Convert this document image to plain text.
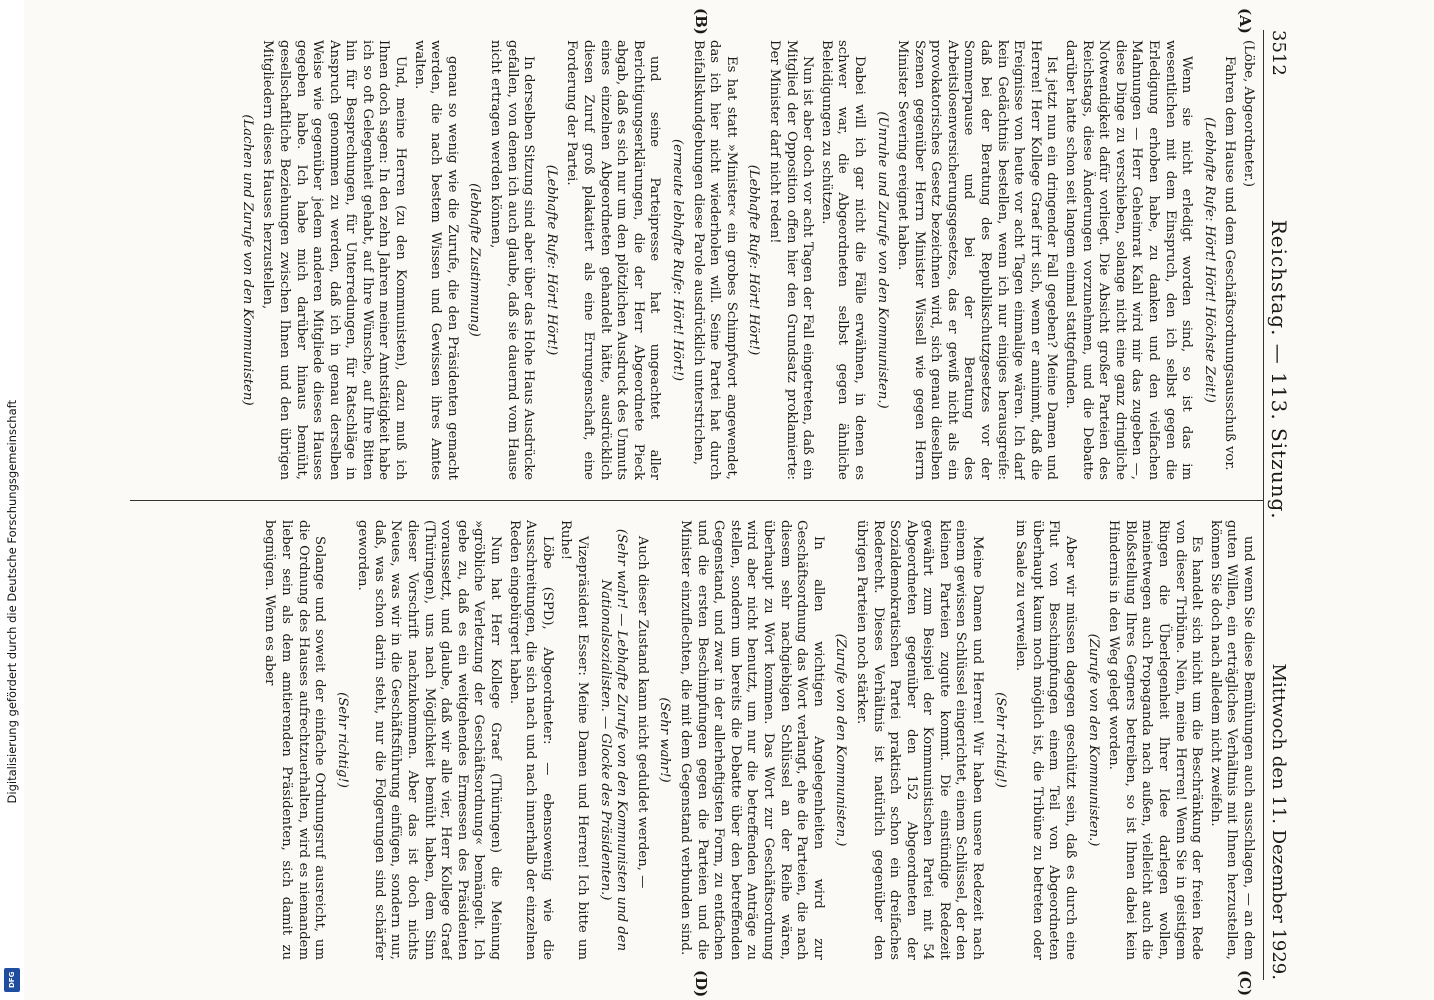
3512
Reichstag. — 113. Sitzung.
Mittwoch den 11. Dezember 1929.
(A)
(B)
(C)
(D)

(Löbe, Abgeordneter.)

Fahren dem Hause und dem Geschäftsordnungsausschuß vor.

(Lebhafte Rufe: Hört! Hört! Höchste Zeit!)

Wenn sie nicht erledigt worden sind, so ist das im wesentlichen mit dem Einspruch, den ich selbst gegen die Erledigung erhoben habe, zu danken und den vielfachen Mahnungen — Herr Geheimrat Kahl wird mir das zugeben —, diese Dinge zu verschieben, solange nicht eine ganz dringliche Notwendigkeit dafür vorliegt. Die Absicht großer Parteien des Reichstags, diese Änderungen vorzunehmen, und die Debatte darüber hatte schon seit langem einmal stattgefunden.

Ist jetzt nun ein dringender Fall gegeben? Meine Damen und Herren! Herr Kollege Graef irrt sich, wenn er annimmt, daß die Ereignisse von heute vor acht Tagen einmalige wären. Ich darf kein Gedächtnis bestellen, wenn ich nur einiges herausgreife: daß bei der Beratung des Republikschutzgesetzes vor der Sommerpause und bei der Beratung des Arbeitslosenversicherungsgesetzes, das er gewiß nicht als ein provokatorisches Gesetz bezeichnen wird, sich genau dieselben Szenen gegenüber Herrn Minister Wissell wie gegen Herrn Minister Severing ereignet haben.

(Unruhe und Zurufe von den Kommunisten.)

Dabei will ich gar nicht die Fälle erwähnen, in denen es schwer war, die Abgeordneten selbst gegen ähnliche Beleidigungen zu schützen.

Nun ist aber doch vor acht Tagen der Fall eingetreten, daß ein Mitglied der Opposition offen hier den Grundsatz proklamierte: Der Minister darf nicht reden!

(Lebhafte Rufe: Hört! Hört!)

Es hat statt »Minister« ein grobes Schimpfwort angewendet, das ich hier nicht wiederholen will. Seine Partei hat durch Beifallskundgebungen diese Parole ausdrücklich unterstrichen,

(erneute lebhafte Rufe: Hört! Hört!)

und seine Parteipresse hat ungeachtet aller Berichtigungserklärungen, die der Herr Abgeordnete Pieck abgab, daß es sich nur um den plötzlichen Ausdruck des Unmuts eines einzelnen Abgeordneten gehandelt hätte, ausdrücklich diesen Zuruf groß plakatiert als eine Errungenschaft, eine Forderung der Partei.

(Lebhafte Rufe: Hört! Hört!)

In derselben Sitzung sind aber über das Hohe Haus Ausdrücke gefallen, von denen ich auch glaube, daß sie dauernd vom Hause nicht ertragen werden können,

(lebhafte Zustimmung)

genau so wenig wie die Zurufe, die den Präsidenten gemacht werden, die nach bestem Wissen und Gewissen ihres Amtes walten.

Und, meine Herren (zu den Kommunisten), dazu muß ich Ihnen doch sagen: In den zehn Jahren meiner Amtstätigkeit habe ich so oft Gelegenheit gehabt, auf Ihre Wünsche, auf Ihre Bitten hin für Besprechungen, für Unterredungen, für Ratschläge in Anspruch genommen zu werden, daß ich in genau derselben Weise wie gegenüber jedem anderen Mitgliede dieses Hauses gegeben habe. Ich habe mich darüber hinaus bemüht, gesellschaftliche Beziehungen zwischen Ihnen und den übrigen Mitgliedern dieses Hauses herzustellen,

(Lachen und Zurufe von den Kommunisten)

und wenn Sie diese Bemühungen auch ausschlagen, — an dem guten Willen, ein erträgliches Verhältnis mit Ihnen herzustellen, können Sie doch nach alledem nicht zweifeln.

Es handelt sich nicht um die Beschränkung der freien Rede von dieser Tribüne. Nein, meine Herren! Wenn Sie in geistigem Ringen die Überlegenheit Ihrer Idee darlegen wollen, meinetwegen auch Propaganda nach außen, vielleicht auch die Bloßstellung Ihres Gegners betreiben, so ist Ihnen dabei kein Hindernis in den Weg gelegt worden.

(Zurufe von den Kommunisten.)

Aber wir müssen dagegen geschützt sein, daß es durch eine Flut von Beschimpfungen einem Teil von Abgeordneten überhaupt kaum noch möglich ist, die Tribüne zu betreten oder im Saale zu verweilen.

(Sehr richtig!)

Meine Damen und Herren! Wir haben unsere Redezeit nach einem gewissen Schlüssel eingerichtet, einem Schlüssel, der den kleinen Parteien zugute kommt. Die einstündige Redezeit gewährt zum Beispiel der Kommunistischen Partei mit 54 Abgeordneten gegenüber den 152 Abgeordneten der Sozialdemokratischen Partei praktisch schon ein dreifaches Rederecht. Dieses Verhältnis ist natürlich gegenüber den übrigen Parteien noch stärker.

(Zurufe von den Kommunisten.)

In allen wichtigen Angelegenheiten wird zur Geschäftsordnung das Wort verlangt, ehe die Parteien, die nach diesem sehr nachgiebigen Schlüssel an der Reihe wären, überhaupt zu Wort kommen. Das Wort zur Geschäftsordnung wird aber nicht benutzt, um nur die betreffenden Anträge zu stellen, sondern um bereits die Debatte über den betreffenden Gegenstand, und zwar in der allerheftigsten Form, zu entfachen und die ersten Beschimpfungen gegen die Parteien und die Minister einzuflechten, die mit dem Gegenstand verbunden sind.

(Sehr wahr!)

Auch dieser Zustand kann nicht geduldet werden, —

(Sehr wahr! — Lebhafte Zurufe von den Kommunisten und den Nationalsozialisten. — Glocke des Präsidenten.)

Vizepräsident Esser: Meine Damen und Herren! Ich bitte um Ruhe!

Löbe (SPD), Abgeordneter: — ebensowenig wie die Ausschreitungen, die sich nach und nach innerhalb der einzelnen Reden eingebürgert haben.

Nun hat Herr Kollege Graef (Thüringen) die Meinung »gröbliche Verletzung der Geschäftsordnung« bemängelt. Ich gebe zu, daß es ein weitgehendes Ermessen des Präsidenten voraussetzt, und glaube, daß wir alle vier, Herr Kollege Graef (Thüringen), uns nach Möglichkeit bemüht haben, dem Sinn dieser Vorschrift nachzukommen. Aber das ist doch nichts Neues, was wir in die Geschäftsführung einfügen, sondern nur, daß, was schon darin steht, nur die Folgerungen sind schärfer geworden.

(Sehr richtig!)

Solange und soweit der einfache Ordnungsruf ausreicht, um die Ordnung des Hauses aufrechtzuerhalten, wird es niemandem lieber sein als dem amtierenden Präsidenten, sich damit zu begnügen. Wenn es aber

Digitalisierung gefördert durch die Deutsche Forschungsgemeinschaft
DFG
